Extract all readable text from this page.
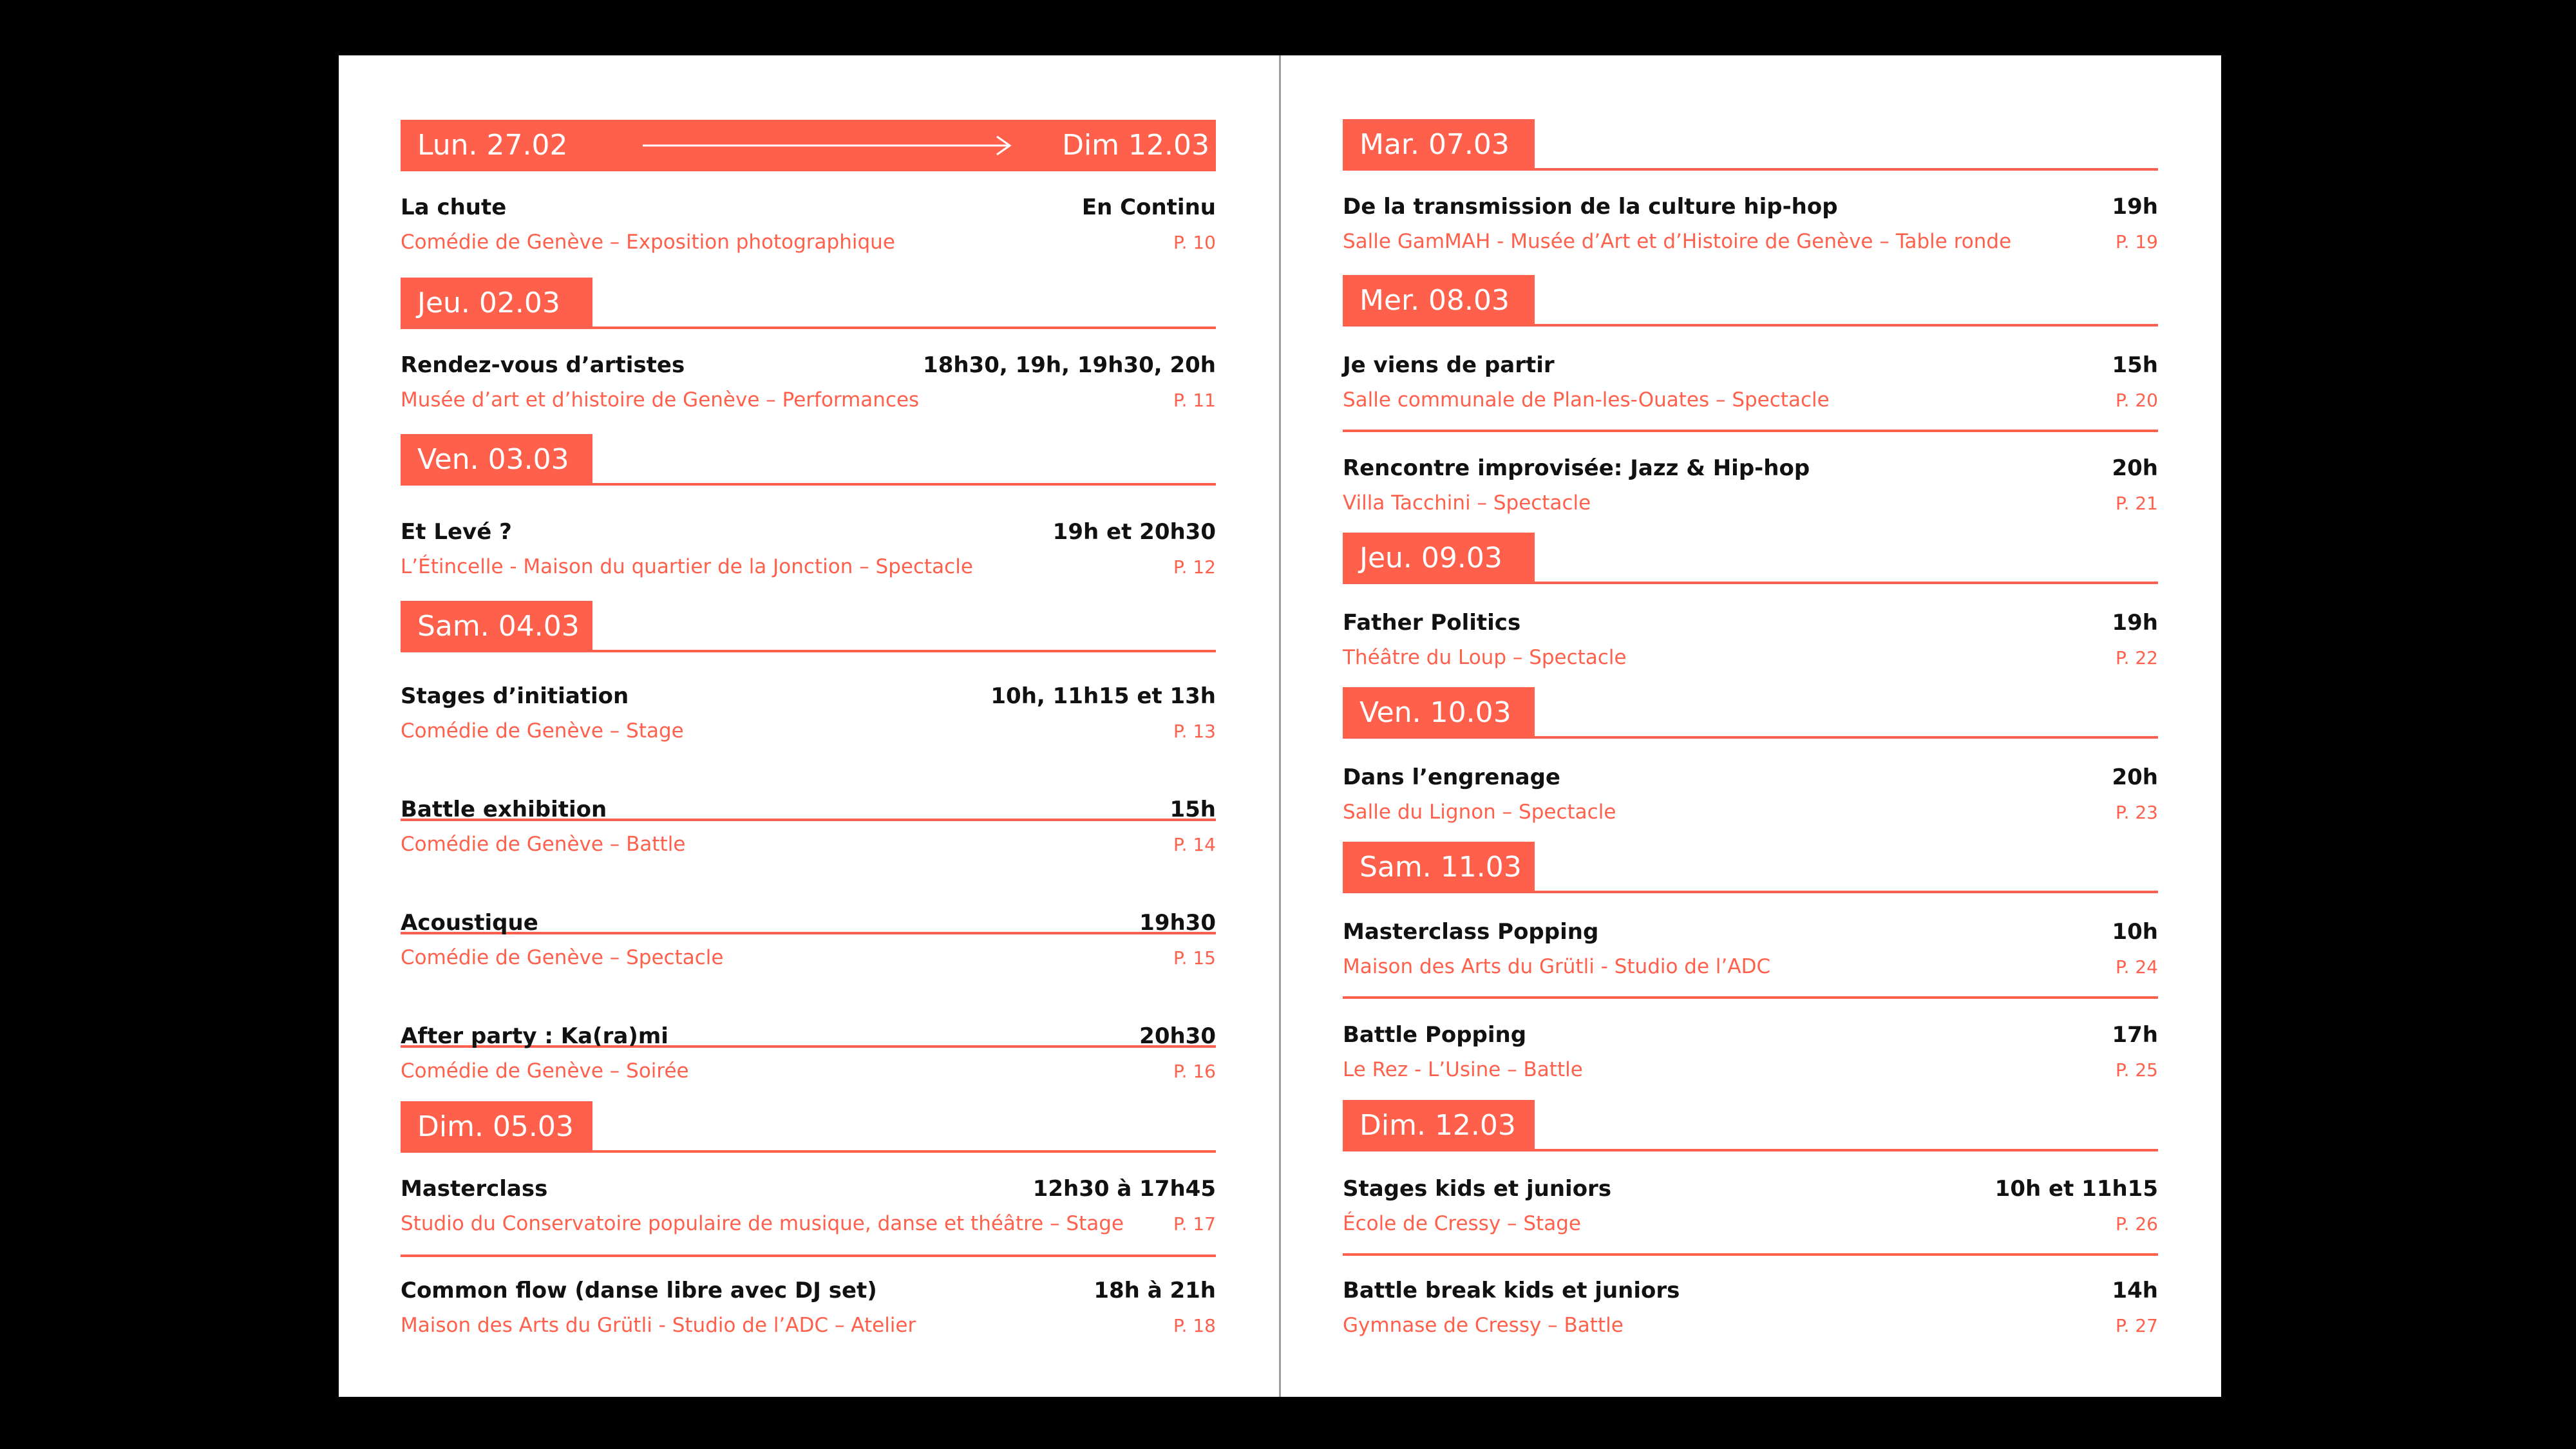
Lun. 27.02	Dim 12.03
La chute	En Continu
Comédie de Genève – Exposition photographique	P. 10
Jeu. 02.03
Rendez-vous d’artistes	18h30, 19h, 19h30, 20h
Musée d’art et d’histoire de Genève – Performances	P. 11
Ven. 03.03
Et Levé ?	19h et 20h30
L’Étincelle - Maison du quartier de la Jonction – Spectacle	P. 12
Sam. 04.03
Stages d’initiation	10h, 11h15 et 13h
Comédie de Genève – Stage	P. 13
Battle exhibition	15h
Comédie de Genève – Battle	P. 14
Acoustique	19h30
Comédie de Genève – Spectacle	P. 15
After party : Ka(ra)mi	20h30
Comédie de Genève – Soirée	P. 16
Dim. 05.03
Masterclass	12h30 à 17h45
Studio du Conservatoire populaire de musique, danse et théâtre – Stage	P. 17
Common flow (danse libre avec DJ set)	18h à 21h
Maison des Arts du Grütli - Studio de l’ADC – Atelier	P. 18
Mar. 07.03
De la transmission de la culture hip-hop	19h
Salle GamMAH - Musée d’Art et d’Histoire de Genève – Table ronde	P. 19
Mer. 08.03
Je viens de partir	15h
Salle communale de Plan-les-Ouates – Spectacle	P. 20
Rencontre improvisée: Jazz & Hip-hop	20h
Villa Tacchini – Spectacle	P. 21
Jeu. 09.03
Father Politics	19h
Théâtre du Loup – Spectacle	P. 22
Ven. 10.03
Dans l’engrenage	20h
Salle du Lignon – Spectacle	P. 23
Sam. 11.03
Masterclass Popping	10h
Maison des Arts du Grütli - Studio de l’ADC	P. 24
Battle Popping	17h
Le Rez - L’Usine – Battle	P. 25
Dim. 12.03
Stages kids et juniors	10h et 11h15
École de Cressy – Stage	P. 26
Battle break kids et juniors	14h
Gymnase de Cressy – Battle	P. 27
